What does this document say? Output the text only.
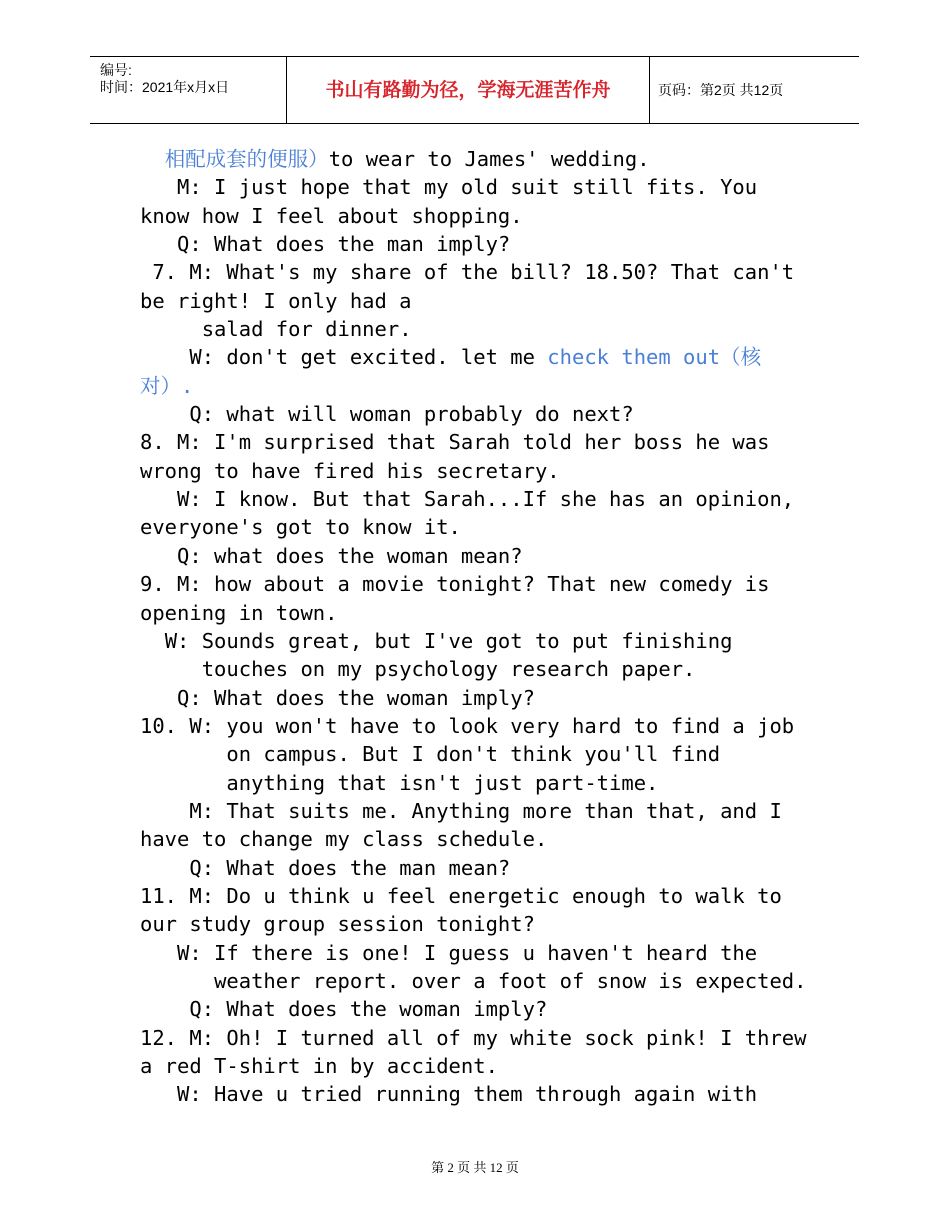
编号:
时间：2021年x月x日	书山有路勤为径，学海无涯苦作舟	页码：第2页 共12页
相配成套的便服）to wear to James' wedding.
M: I just hope that my old suit still fits. You
know how I feel about shopping.
Q: What does the man imply?
7. M: What's my share of the bill? 18.50? That can't
be right! I only had a
salad for dinner.
W: don't get excited. let me check them out（核
对）.
Q: what will woman probably do next?
8. M: I'm surprised that Sarah told her boss he was
wrong to have fired his secretary.
W: I know. But that Sarah...If she has an opinion,
everyone's got to know it.
Q: what does the woman mean?
9. M: how about a movie tonight? That new comedy is
opening in town.
W: Sounds great, but I've got to put finishing
touches on my psychology research paper.
Q: What does the woman imply?
10. W: you won't have to look very hard to find a job
on campus. But I don't think you'll find
anything that isn't just part-time.
M: That suits me. Anything more than that, and I
have to change my class schedule.
Q: What does the man mean?
11. M: Do u think u feel energetic enough to walk to
our study group session tonight?
W: If there is one! I guess u haven't heard the
weather report. over a foot of snow is expected.
Q: What does the woman imply?
12. M: Oh! I turned all of my white sock pink! I threw
a red T-shirt in by accident.
W: Have u tried running them through again with
第 2 页 共 12 页
